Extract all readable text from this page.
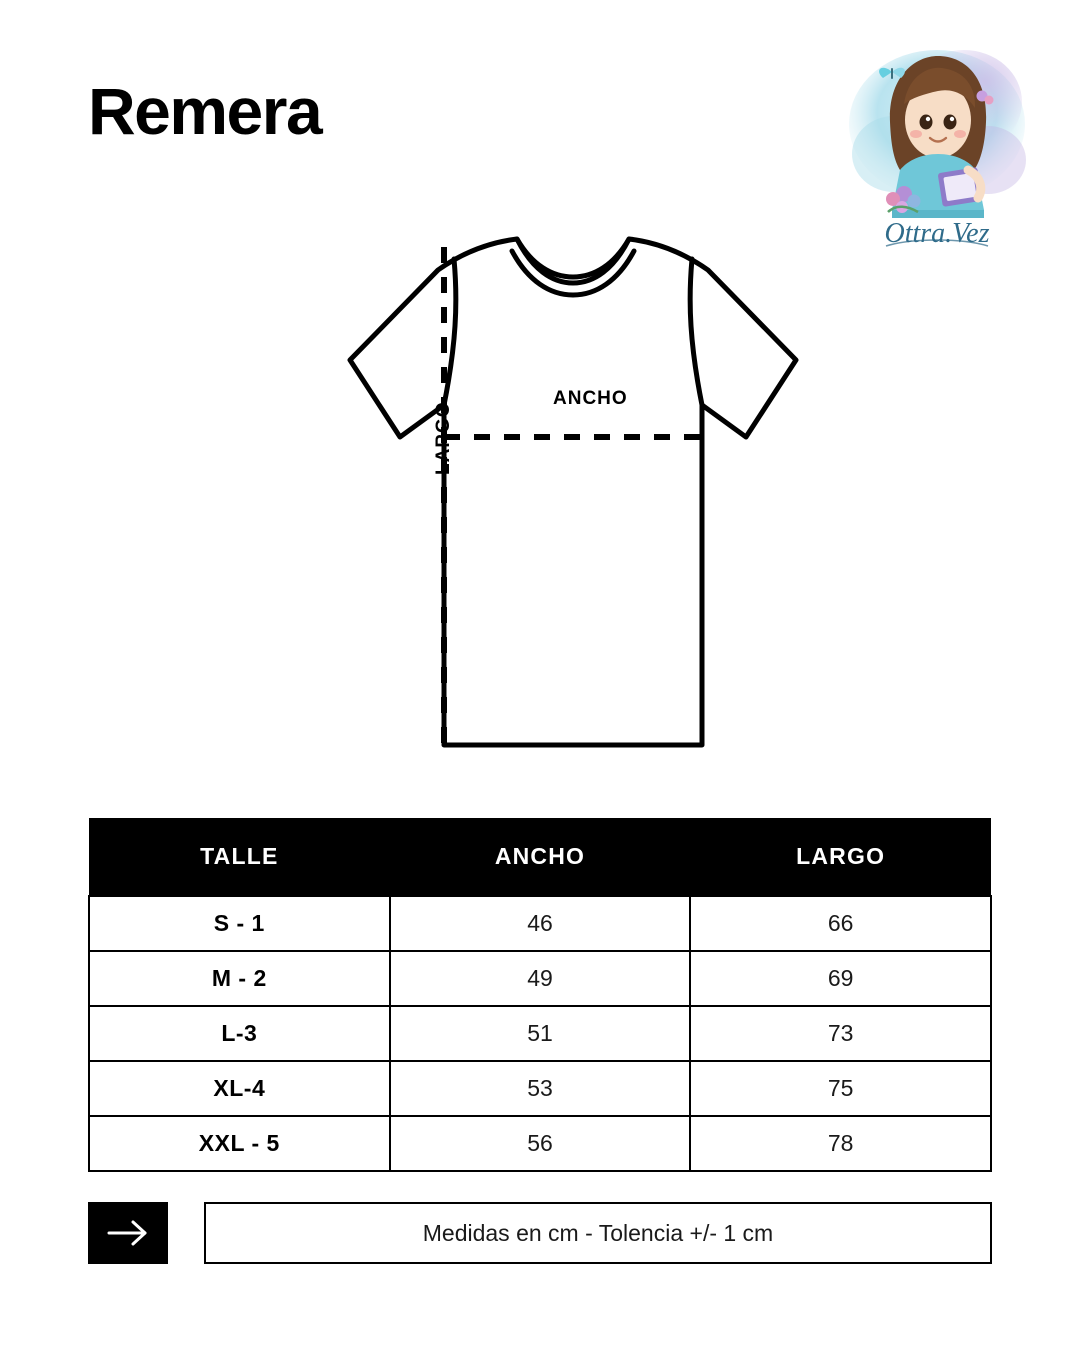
Remera
Ottra.Vez
ANCHO
LARGO
TALLE	ANCHO	LARGO
S - 1	46	66
M - 2	49	69
L-3	51	73
XL-4	53	75
XXL - 5	56	78
Medidas en cm - Tolencia +/- 1 cm
